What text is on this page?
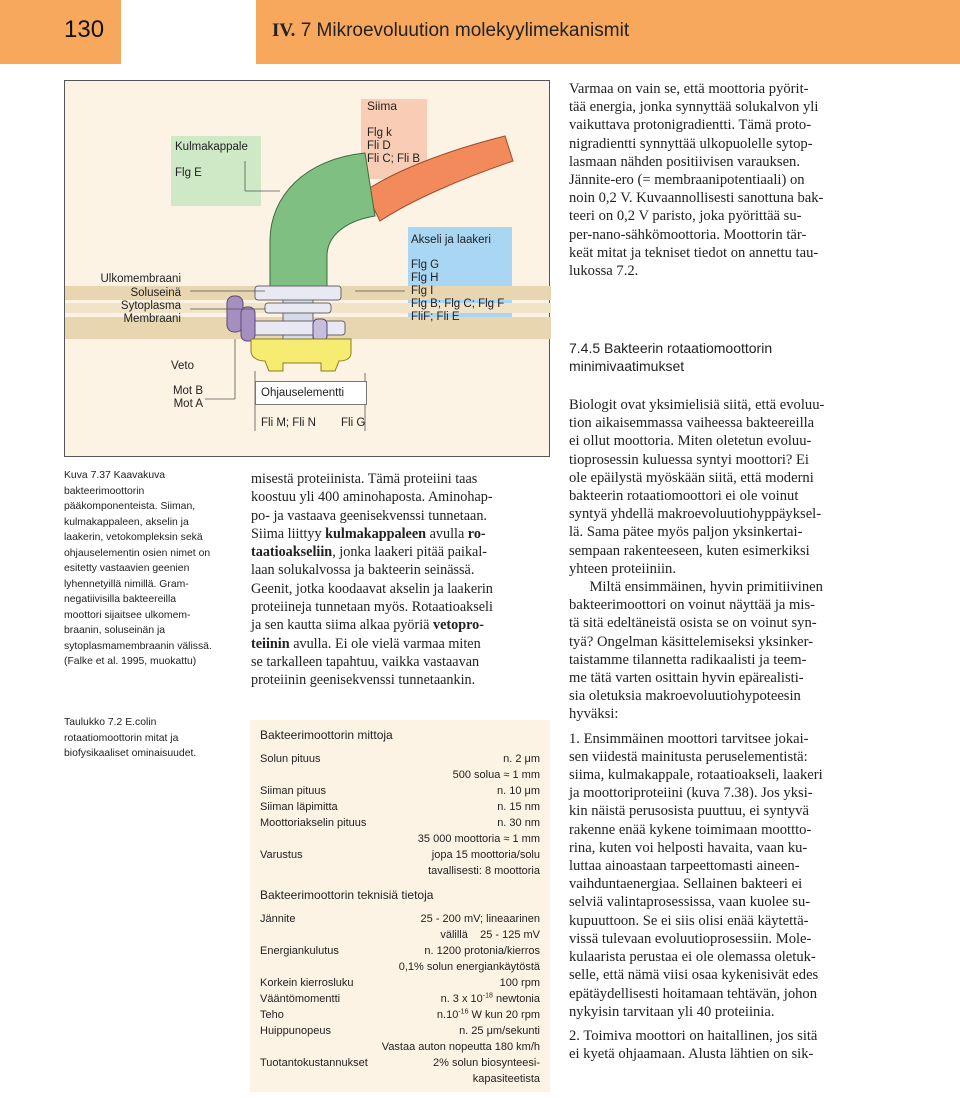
130	IV. 7 Mikroevoluution molekyylimekanismit
Kulmakappale
Flg E
Siima
Flg k
Fli D
Fli C; Fli B
Akseli ja laakeri
Flg G
Flg H
Flg I
Flg B; Flg C; Flg F
FliF; Fli E
Ulkomembraani
Soluseinä
Sytoplasma
Membraani
Veto
Mot B
Mot A
Ohjauselementti
Fli M; Fli N Fli G

Kuva 7.37 Kaavakuva

bakteerimoottorin

pääkomponenteista. Siiman,

kulmakappaleen, akselin ja

laakerin, vetokompleksin sekä

ohjauselementin osien nimet on

esitetty vastaavien geenien

lyhennetyillä nimillä. Gram-

negatiivisilla bakteereilla

moottori sijaitsee ulkomem-

braanin, soluseinän ja

sytoplasmamembraanin välissä.

(Falke et al. 1995, muokattu)

Taulukko 7.2 E.colin

rotaatiomoottorin mitat ja

biofysikaaliset ominaisuudet.

misestä proteiinista. Tämä proteiini taas

koostuu yli 400 aminohaposta. Aminohap-

po- ja vastaava geenisekvenssi tunnetaan.

Siima liittyy kulmakappaleen avulla ro-

taatioakseliin, jonka laakeri pitää paikal-

laan solukalvossa ja bakteerin seinässä.

Geenit, jotka koodaavat akselin ja laakerin

proteiineja tunnetaan myös. Rotaatioakseli

ja sen kautta siima alkaa pyöriä vetopro-

teiinin avulla. Ei ole vielä varmaa miten

se tarkalleen tapahtuu, vaikka vastaavan

proteiinin geenisekvenssi tunnetaankin.

Bakteerimoottorin mittoja
Solun pituus	n. 2 μm
500 solua ≈ 1 mm
Siiman pituus	n. 10 μm
Siiman läpimitta	n. 15 nm
Moottoriakselin pituus	n. 30 nm
35 000 moottoria ≈ 1 mm
Varustus	jopa 15 moottoria/solu
tavallisesti: 8 moottoria
Bakteerimoottorin teknisiä tietoja
Jännite	25 - 200 mV; lineaarinen
välillä    25 - 125 mV
Energiankulutus	n. 1200 protonia/kierros
0,1% solun energiankäytöstä
Korkein kierrosluku	100 rpm
Vääntömomentti	n. 3 x $10^{-18}$ newtonia
Teho	$n.10^{-16}$ W kun 20 rpm
Huippunopeus	n. 25 μm/sekunti
Vastaa auton nopeutta 180 km/h
Tuotantokustannukset	2% solun biosynteesi-
kapasiteetista

Varmaa on vain se, että moottoria pyörit-

tää energia, jonka synnyttää solukalvon yli

vaikuttava protonigradientti. Tämä proto-

nigradientti synnyttää ulkopuolelle sytop-

lasmaan nähden positiivisen varauksen.

Jännite-ero (= membraanipotentiaali) on

noin 0,2 V. Kuvaannollisesti sanottuna bak-

teeri on 0,2 V paristo, joka pyörittää su-

per-nano-sähkömoottoria. Moottorin tär-

keät mitat ja tekniset tiedot on annettu tau-

lukossa 7.2.

7.4.5 Bakteerin rotaatiomoottorin
minimivaatimukset

Biologit ovat yksimielisiä siitä, että evoluu-

tion aikaisemmassa vaiheessa bakteereilla

ei ollut moottoria. Miten oletetun evoluu-

tioprosessin kuluessa syntyi moottori? Ei

ole epäilystä myöskään siitä, että moderni

bakteerin rotaatiomoottori ei ole voinut

syntyä yhdellä makroevoluutiohyppäyksel-

lä. Sama pätee myös paljon yksinkertai-

sempaan rakenteeseen, kuten esimerkiksi

yhteen proteiiniin.

Miltä ensimmäinen, hyvin primitiivinen

bakteerimoottori on voinut näyttää ja mis-

tä sitä edeltäneistä osista se on voinut syn-

tyä? Ongelman käsittelemiseksi yksinker-

taistamme tilannetta radikaalisti ja teem-

me tätä varten osittain hyvin epärealisti-

sia oletuksia makroevoluutiohypoteesin

hyväksi:

1. Ensimmäinen moottori tarvitsee jokai-

sen viidestä mainitusta peruselementistä:

siima, kulmakappale, rotaatioakseli, laakeri

ja moottoriproteiini (kuva 7.38). Jos yksi-

kin näistä perusosista puuttuu, ei syntyvä

rakenne enää kykene toimimaan moottto-

rina, kuten voi helposti havaita, vaan ku-

luttaa ainoastaan tarpeettomasti aineen-

vaihduntaenergiaa. Sellainen bakteeri ei

selviä valintaprosessissa, vaan kuolee su-

kupuuttoon. Se ei siis olisi enää käytettä-

vissä tulevaan evoluutioprosessiin. Mole-

kulaarista perustaa ei ole olemassa oletuk-

selle, että nämä viisi osaa kykenisivät edes

epätäydellisesti hoitamaan tehtävän, johon

nykyisin tarvitaan yli 40 proteiinia.

2. Toimiva moottori on haitallinen, jos sitä

ei kyetä ohjaamaan. Alusta lähtien on sik-
